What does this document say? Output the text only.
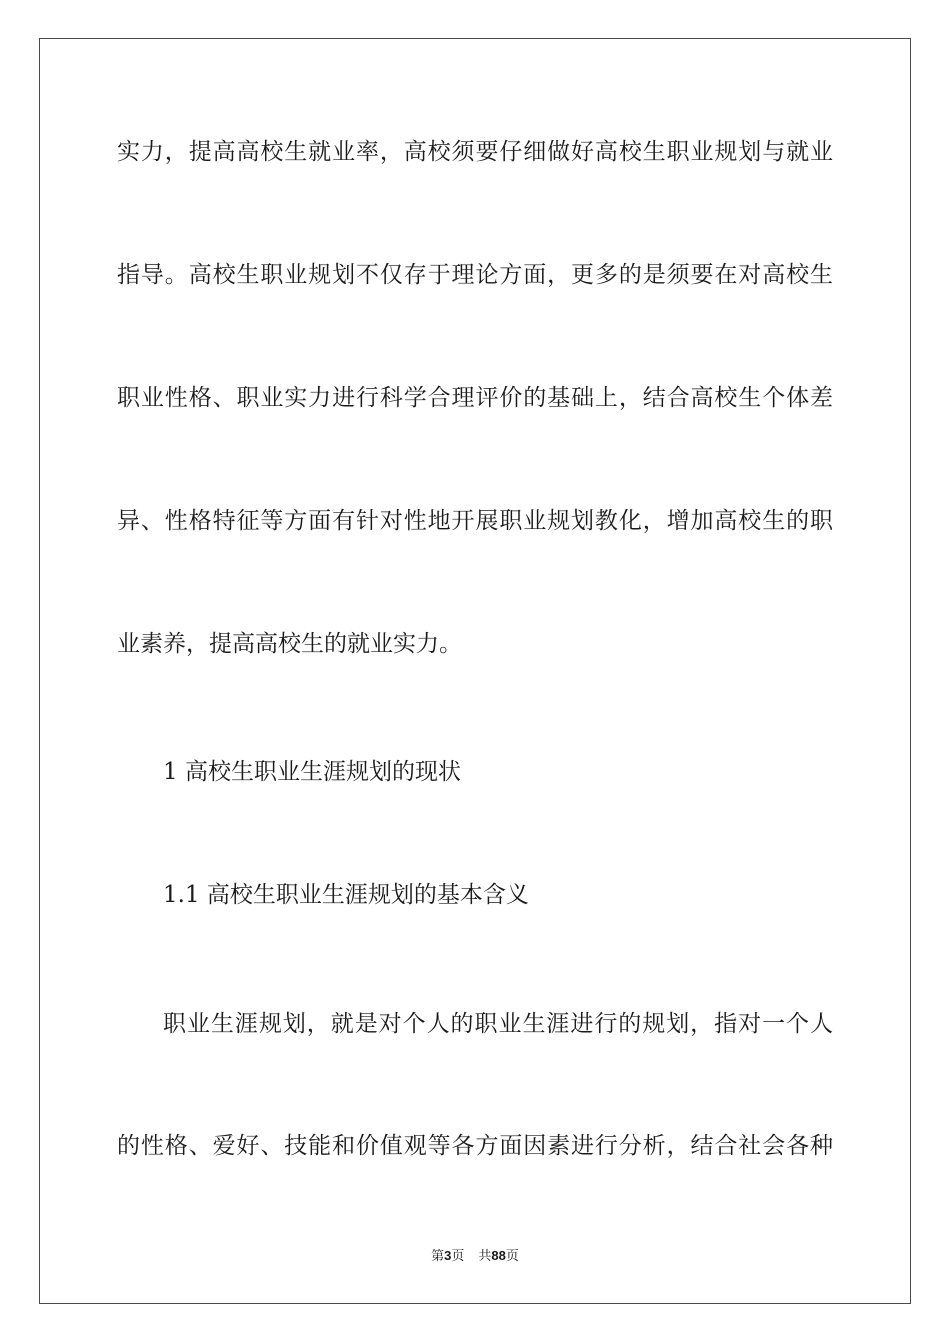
实力，提高高校生就业率，高校须要仔细做好高校生职业规划与就业
指导。高校生职业规划不仅存于理论方面，更多的是须要在对高校生
职业性格、职业实力进行科学合理评价的基础上，结合高校生个体差
异、性格特征等方面有针对性地开展职业规划教化，增加高校生的职
业素养，提高高校生的就业实力。
1 高校生职业生涯规划的现状
1.1 高校生职业生涯规划的基本含义
职业生涯规划，就是对个人的职业生涯进行的规划，指对一个人
的性格、爱好、技能和价值观等各方面因素进行分析，结合社会各种
第3页 共88页
